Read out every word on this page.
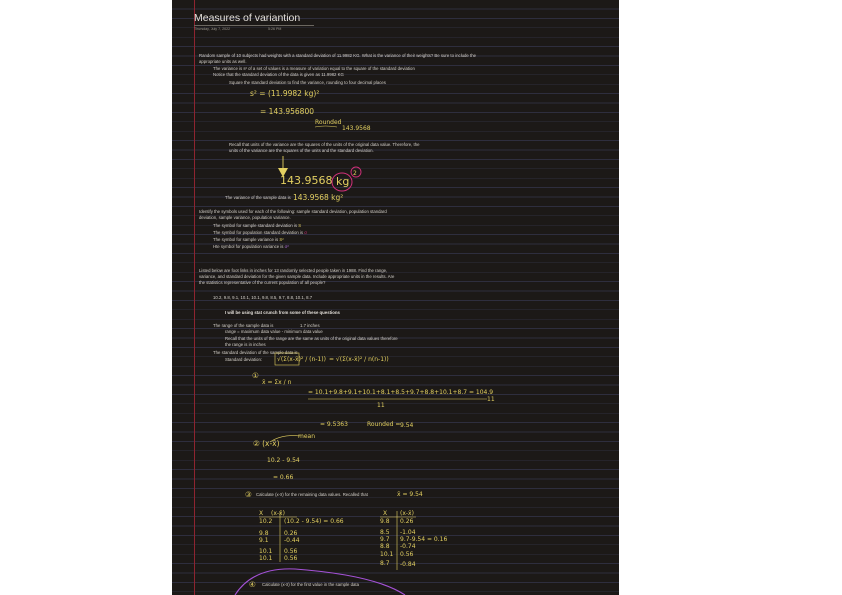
Measures of variantion
Thursday, July 7, 2022	5:26 PM
Random sample of 10 subjects had weights with a standard deviation of 11.9982 KG. What is the variance of their weights? Be sure to include the appropriate units as well.
The variance is s² of a set of values is a measure of variation equal to the square of the standard deviation
Notice that the standard deviation of the data is given as 11.9982 KG
Square the standard deviation to find the variance, rounding to four decimal places
s² = (11.9982 kg)²
= 143.956800
Rounded
143.9568
Recall that units of the variance are the squares of the units of the original data value. Therefore, the
units of the variance are the squares of the units and the standard deviation.
143.9568 kg
2
The variance of the sample data is 143.9568 kg²
Identify the symbols used for each of the following: sample standard deviation, population standard
deviation, sample variance, population variance.
The symbol for sample standard deviation is S
The symbol for population standard deviation is σ
The symbol for sample variance is S²
Hte symbol for population variance is σ²
Listed below are foot links in inches for 13 randomly selected people taken in 1988. Find the range,
variance, and standard deviation for the given sample data. Include appropriate units in the results. Are
the statistics representative of the current population of all people?
10.2, 9.8, 9.1, 10.1, 10.1, 9.8, 8.5, 9.7, 8.8, 10.1, 8.7
I will be using stat crunch from some of these questions
The range of the sample data is	1.7 inches
range = maximum data value - minimum data value
Recall that the units of the range are the same as units of the original data values therefore
the range is in inches
The standard deviation of the sample data is
Standard deviation: √(Σ(x-x̄)² / (n-1)) = √(Σ(x-x̄)² / n(n-1))
①
x̄ = Σx / n
= 10.1+9.8+9.1+10.1+8.1+8.5+9.7+8.8+10.1+8.7 = 104.9
11
11
= 9.5363	Rounded = 9.54
mean
② (x-x̄)
10.2 - 9.54
= 0.66
③ Calculate (x-x̄) for the remaining data values. Recalled that	x̄ = 9.54
X (x-x̄)
10.2 (10.2 - 9.54) = 0.66
9.8	0.26
9.1	-0.44
10.1 0.56
10.1 0.56
X (x-x̄)
9.8 0.26
8.5 -1.04
9.7 9.7-9.54 = 0.16
8.8 -0.74
10.1 0.56
8.7 -0.84
④ Calculate (x-x̄) for the first value in the sample data
